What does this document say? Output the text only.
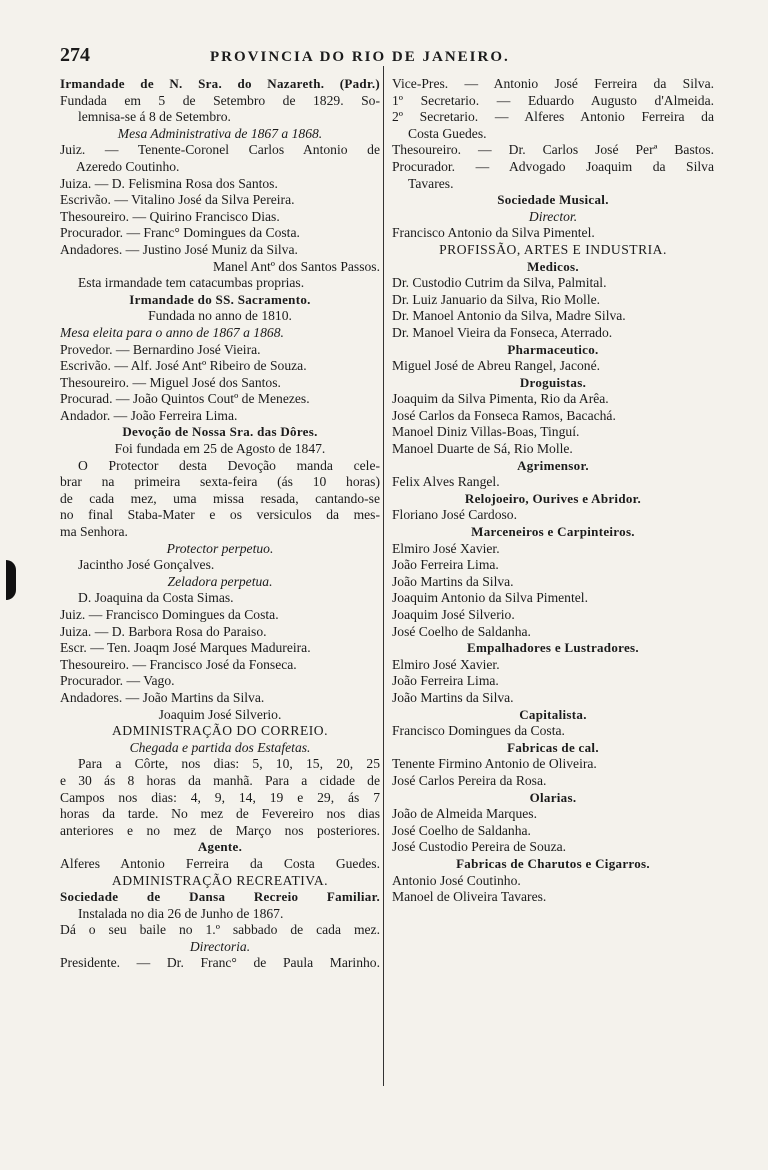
274	PROVINCIA DO RIO DE JANEIRO.
Irmandade de N. Sra. do Nazareth. (Padr.)
Fundada em 5 de Setembro de 1829. So-
lemnisa-se á 8 de Setembro.
Mesa Administrativa de 1867 a 1868.
Juiz. — Tenente-Coronel Carlos Antonio de
Azeredo Coutinho.
Juiza. — D. Felismina Rosa dos Santos.
Escrivão. — Vitalino José da Silva Pereira.
Thesoureiro. — Quirino Francisco Dias.
Procurador. — Franc° Domingues da Costa.
Andadores. — Justino José Muniz da Silva.
Manel Antº dos Santos Passos.
Esta irmandade tem catacumbas proprias.
Irmandade do SS. Sacramento.
Fundada no anno de 1810.
Mesa eleita para o anno de 1867 a 1868.
Provedor. — Bernardino José Vieira.
Escrivão. — Alf. José Antº Ribeiro de Souza.
Thesoureiro. — Miguel José dos Santos.
Procurad. — João Quintos Coutº de Menezes.
Andador. — João Ferreira Lima.
Devoção de Nossa Sra. das Dôres.
Foi fundada em 25 de Agosto de 1847.
O Protector desta Devoção manda cele-
brar na primeira sexta-feira (ás 10 horas)
de cada mez, uma missa resada, cantando-se
no final Staba-Mater e os versiculos da mes-
ma Senhora.
Protector perpetuo.
Jacintho José Gonçalves.
Zeladora perpetua.
D. Joaquina da Costa Simas.
Juiz. — Francisco Domingues da Costa.
Juiza. — D. Barbora Rosa do Paraiso.
Escr. — Ten. Joaqm José Marques Madureira.
Thesoureiro. — Francisco José da Fonseca.
Procurador. — Vago.
Andadores. — João Martins da Silva.
Joaquim José Silverio.
ADMINISTRAÇÃO DO CORREIO.
Chegada e partida dos Estafetas.
Para a Côrte, nos dias: 5, 10, 15, 20, 25
e 30 ás 8 horas da manhã. Para a cidade de
Campos nos dias: 4, 9, 14, 19 e 29, ás 7
horas da tarde. No mez de Fevereiro nos dias
anteriores e no mez de Março nos posteriores.
Agente.
Alferes Antonio Ferreira da Costa Guedes.
ADMINISTRAÇÃO RECREATIVA.
Sociedade de Dansa Recreio Familiar.
Instalada no dia 26 de Junho de 1867.
Dá o seu baile no 1.º sabbado de cada mez.
Directoria.
Presidente. — Dr. Franc° de Paula Marinho.
Vice-Pres. — Antonio José Ferreira da Silva.
1º Secretario. — Eduardo Augusto d'Almeida.
2º Secretario. — Alferes Antonio Ferreira da
Costa Guedes.
Thesoureiro. — Dr. Carlos José Perª Bastos.
Procurador. — Advogado Joaquim da Silva
Tavares.
Sociedade Musical.
Director.
Francisco Antonio da Silva Pimentel.
PROFISSÃO, ARTES E INDUSTRIA.
Medicos.
Dr. Custodio Cutrim da Silva, Palmital.
Dr. Luiz Januario da Silva, Rio Molle.
Dr. Manoel Antonio da Silva, Madre Silva.
Dr. Manoel Vieira da Fonseca, Aterrado.
Pharmaceutico.
Miguel José de Abreu Rangel, Jaconé.
Droguistas.
Joaquim da Silva Pimenta, Rio da Arêa.
José Carlos da Fonseca Ramos, Bacachá.
Manoel Diniz Villas-Boas, Tinguí.
Manoel Duarte de Sá, Rio Molle.
Agrimensor.
Felix Alves Rangel.
Relojoeiro, Ourives e Abridor.
Floriano José Cardoso.
Marceneiros e Carpinteiros.
Elmiro José Xavier.
João Ferreira Lima.
João Martins da Silva.
Joaquim Antonio da Silva Pimentel.
Joaquim José Silverio.
José Coelho de Saldanha.
Empalhadores e Lustradores.
Elmiro José Xavier.
João Ferreira Lima.
João Martins da Silva.
Capitalista.
Francisco Domingues da Costa.
Fabricas de cal.
Tenente Firmino Antonio de Oliveira.
José Carlos Pereira da Rosa.
Olarias.
João de Almeida Marques.
José Coelho de Saldanha.
José Custodio Pereira de Souza.
Fabricas de Charutos e Cigarros.
Antonio José Coutinho.
Manoel de Oliveira Tavares.
